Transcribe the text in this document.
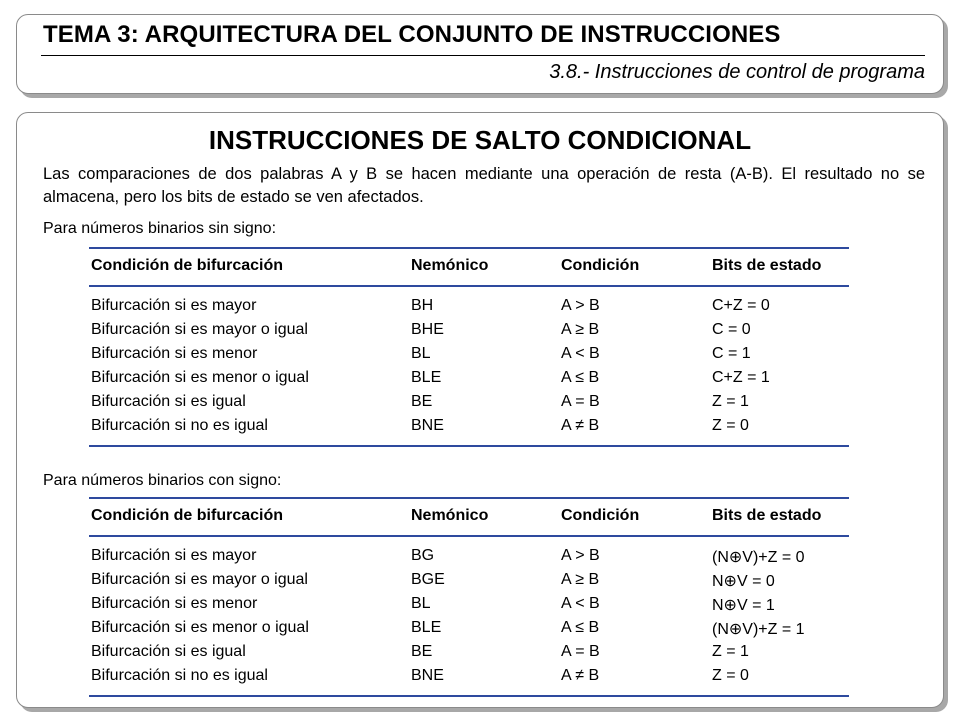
TEMA 3: ARQUITECTURA DEL CONJUNTO DE INSTRUCCIONES
3.8.- Instrucciones de control de programa
INSTRUCCIONES DE SALTO CONDICIONAL

Las comparaciones de dos palabras A y B se hacen mediante una operación de resta (A-B). El resultado no se almacena, pero los bits de estado se ven afectados.

Para números binarios sin signo:
Condición de bifurcación	Nemónico	Condición	Bits de estado
Bifurcación si es mayor	BH	A > B	C+Z = 0
Bifurcación si es mayor o igual	BHE	A ≥ B	C = 0
Bifurcación si es menor	BL	A < B	C = 1
Bifurcación si es menor o igual	BLE	A ≤ B	C+Z = 1
Bifurcación si es igual	BE	A = B	Z = 1
Bifurcación si no es igual	BNE	A ≠ B	Z = 0
Para números binarios con signo:
Condición de bifurcación	Nemónico	Condición	Bits de estado
Bifurcación si es mayor	BG	A > B	(N⊕V)+Z = 0
Bifurcación si es mayor o igual	BGE	A ≥ B	N⊕V = 0
Bifurcación si es menor	BL	A < B	N⊕V = 1
Bifurcación si es menor o igual	BLE	A ≤ B	(N⊕V)+Z = 1
Bifurcación si es igual	BE	A = B	Z = 1
Bifurcación si no es igual	BNE	A ≠ B	Z = 0
